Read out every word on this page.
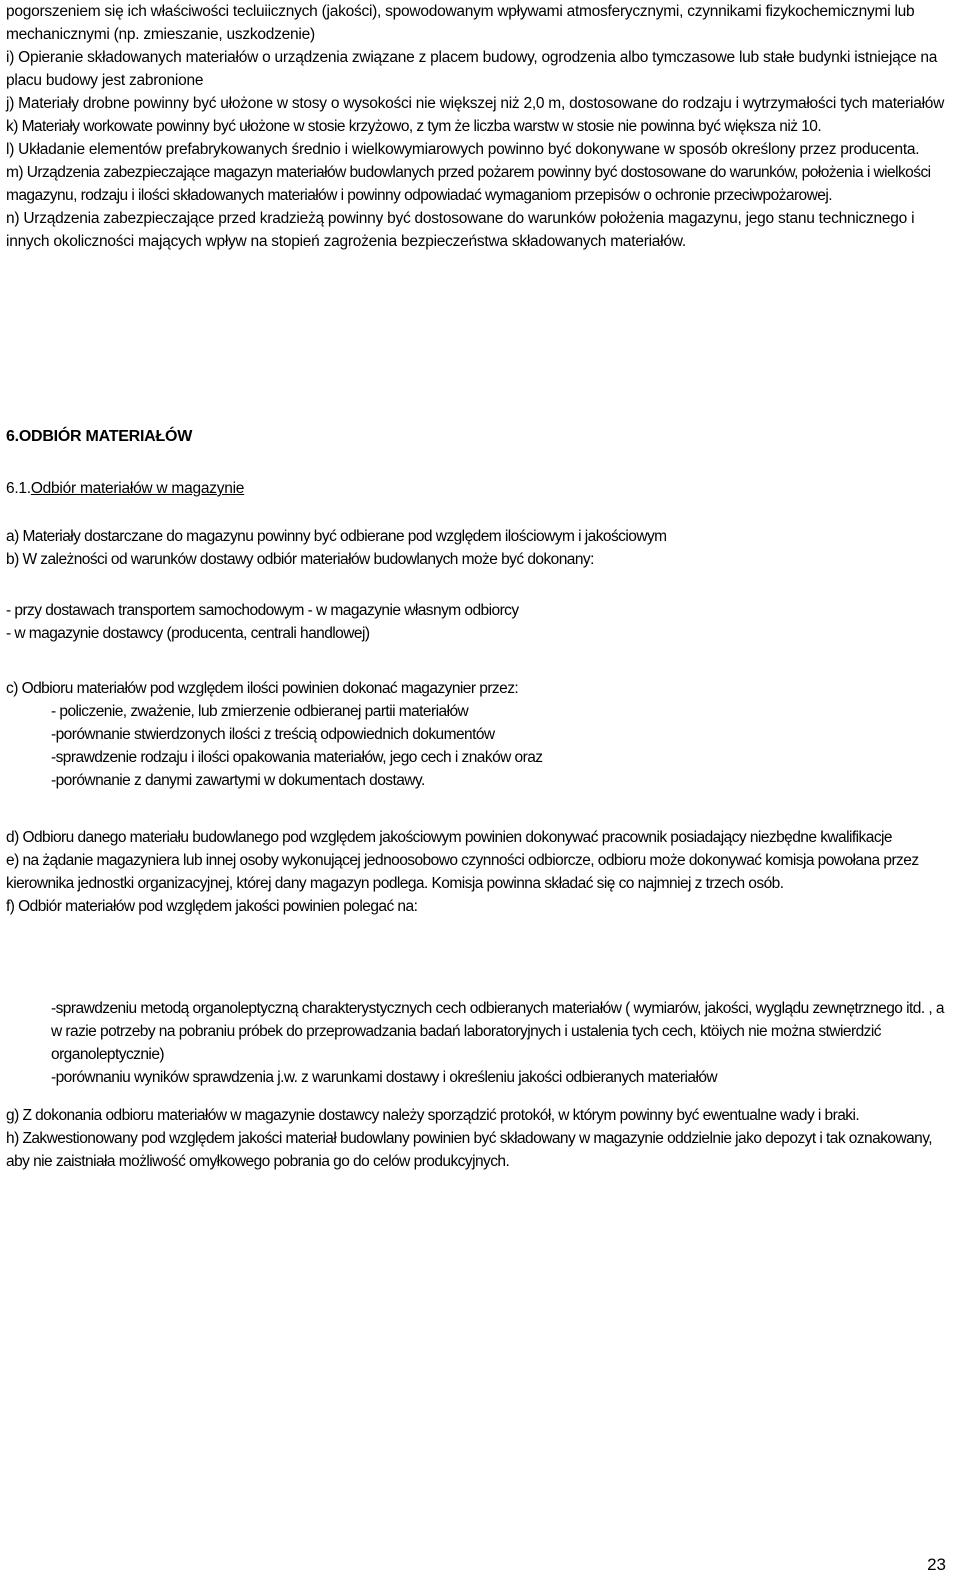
pogorszeniem się ich właściwości tecluiicznych (jakości), spowodowanym wpływami atmosferycznymi, czynnikami fizykochemicznymi lub mechanicznymi (np. zmieszanie, uszkodzenie)

i) Opieranie składowanych materiałów o urządzenia związane z placem budowy, ogrodzenia albo tymczasowe lub stałe budynki istniejące na placu budowy jest zabronione

j) Materiały drobne powinny być ułożone w stosy o wysokości nie większej niż 2,0 m, dostosowane do rodzaju i wytrzymałości tych materiałów

k) Materiały workowate powinny być ułożone w stosie krzyżowo, z tym że liczba warstw w stosie nie powinna być większa niż 10.

l) Układanie elementów prefabrykowanych średnio i wielkowymiarowych powinno być dokonywane w sposób określony przez producenta.

m) Urządzenia zabezpieczające magazyn materiałów budowlanych przed pożarem powinny być dostosowane do warunków, położenia i wielkości magazynu, rodzaju i ilości składowanych materiałów i powinny odpowiadać wymaganiom przepisów o ochronie przeciwpożarowej.

n) Urządzenia zabezpieczające przed kradzieżą powinny być dostosowane do warunków położenia magazynu, jego stanu technicznego i innych okoliczności mających wpływ na stopień zagrożenia bezpieczeństwa składowanych materiałów.

6.ODBIÓR MATERIAŁÓW
6.1.Odbiór materiałów w magazynie

a) Materiały dostarczane do magazynu powinny być odbierane pod względem ilościowym i jakościowym

b) W zależności od warunków dostawy odbiór materiałów budowlanych może być dokonany:

- przy dostawach transportem samochodowym - w magazynie własnym odbiorcy

- w magazynie dostawcy (producenta, centrali handlowej)

c) Odbioru materiałów pod względem ilości powinien dokonać magazynier przez:

- policzenie, zważenie, lub zmierzenie odbieranej partii materiałów

-porównanie stwierdzonych ilości z treścią odpowiednich dokumentów

-sprawdzenie rodzaju i ilości opakowania materiałów, jego cech i znaków oraz

-porównanie z danymi zawartymi w dokumentach dostawy.

d) Odbioru danego materiału budowlanego pod względem jakościowym powinien dokonywać pracownik posiadający niezbędne kwalifikacje

e) na żądanie magazyniera lub innej osoby wykonującej jednoosobowo czynności odbiorcze, odbioru może dokonywać komisja powołana przez kierownika jednostki organizacyjnej, której dany magazyn podlega. Komisja powinna składać się co najmniej z trzech osób.

f) Odbiór materiałów pod względem jakości powinien polegać na:

-sprawdzeniu metodą organoleptyczną charakterystycznych cech odbieranych materiałów ( wymiarów, jakości, wyglądu zewnętrznego itd. , a w razie potrzeby na pobraniu próbek do przeprowadzania badań laboratoryjnych i ustalenia tych cech, ktöiych nie można stwierdzić organoleptycznie)

-porównaniu wyników sprawdzenia j.w. z warunkami dostawy i określeniu jakości odbieranych materiałów

g) Z dokonania odbioru materiałów w magazynie dostawcy należy sporządzić protokół, w którym powinny być ewentualne wady i braki.

h) Zakwestionowany pod względem jakości materiał budowlany powinien być składowany w magazynie oddzielnie jako depozyt i tak oznakowany, aby nie zaistniała możliwość omyłkowego pobrania go do celów produkcyjnych.

23
